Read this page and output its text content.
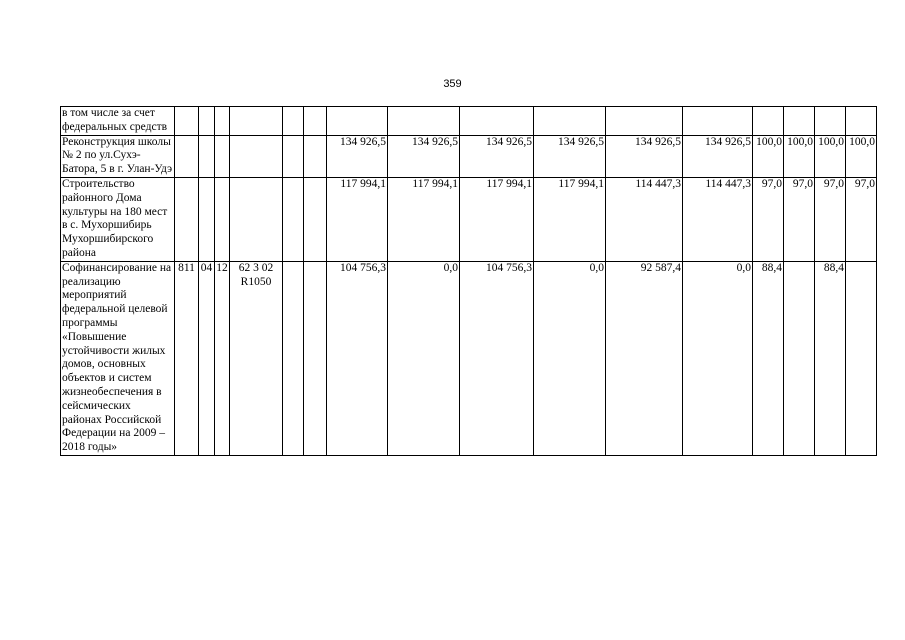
359
в том числе за счет федеральных средств																
Реконструкция школы № 2 по ул.Сухэ-Батора, 5 в г. Улан-Удэ							134 926,5	134 926,5	134 926,5	134 926,5	134 926,5	134 926,5	100,0	100,0	100,0	100,0
Строительство районного Дома культуры на 180 мест в с. Мухоршибирь Мухоршибирского района							117 994,1	117 994,1	117 994,1	117 994,1	114 447,3	114 447,3	97,0	97,0	97,0	97,0
Софинансирование на реализацию мероприятий федеральной целевой программы «Повышение устойчивости жилых домов, основных объектов и систем жизнеобеспечения в сейсмических районах Российской Федерации на 2009 – 2018 годы»	811	04	12	62 3 02 R1050			104 756,3	0,0	104 756,3	0,0	92 587,4	0,0	88,4		88,4	
